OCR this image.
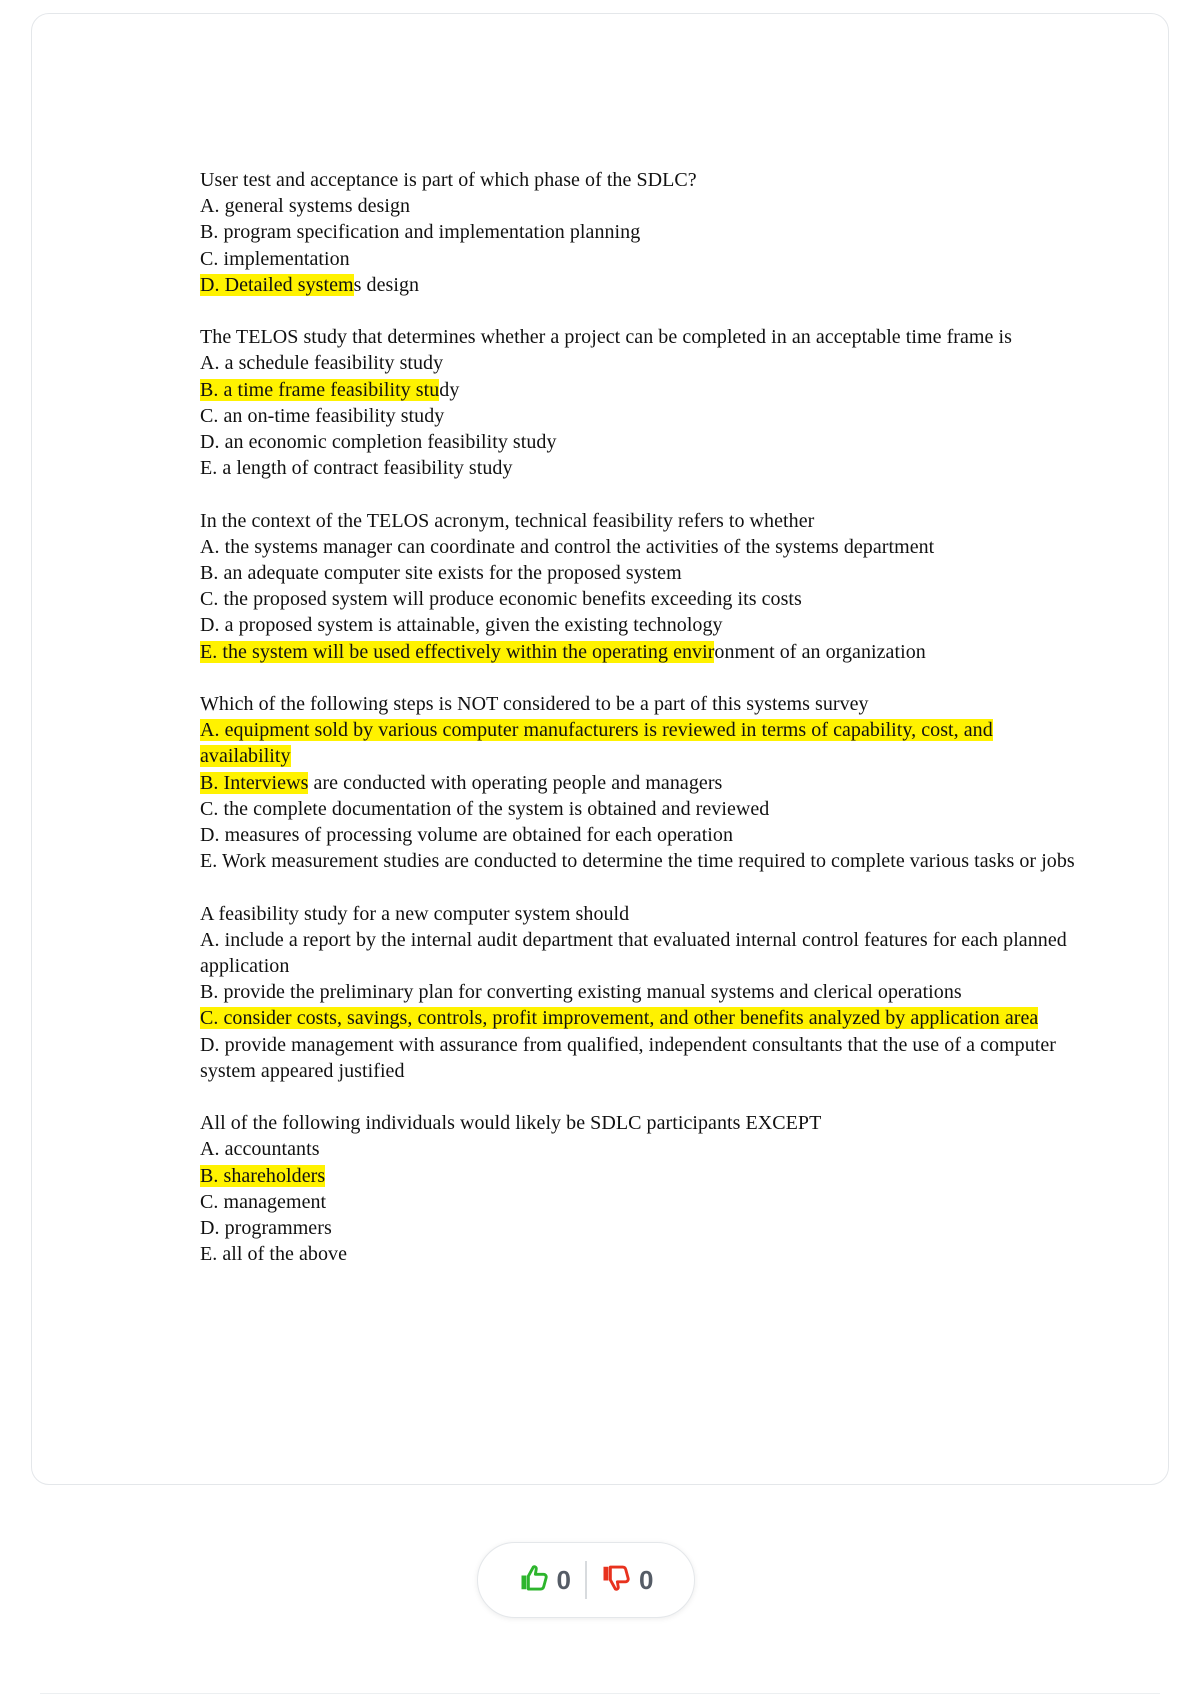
User test and acceptance is part of which phase of the SDLC?
A. general systems design
B. program specification and implementation planning
C. implementation
D. Detailed systems design
The TELOS study that determines whether a project can be completed in an acceptable time frame is
A. a schedule feasibility study
B. a time frame feasibility study
C. an on-time feasibility study
D. an economic completion feasibility study
E. a length of contract feasibility study
In the context of the TELOS acronym, technical feasibility refers to whether
A. the systems manager can coordinate and control the activities of the systems department
B. an adequate computer site exists for the proposed system
C. the proposed system will produce economic benefits exceeding its costs
D. a proposed system is attainable, given the existing technology
E. the system will be used effectively within the operating environment of an organization
Which of the following steps is NOT considered to be a part of this systems survey
A. equipment sold by various computer manufacturers is reviewed in terms of capability, cost, and availability
B. Interviews are conducted with operating people and managers
C. the complete documentation of the system is obtained and reviewed
D. measures of processing volume are obtained for each operation
E. Work measurement studies are conducted to determine the time required to complete various tasks or jobs
A feasibility study for a new computer system should
A. include a report by the internal audit department that evaluated internal control features for each planned application
B. provide the preliminary plan for converting existing manual systems and clerical operations
C. consider costs, savings, controls, profit improvement, and other benefits analyzed by application area
D. provide management with assurance from qualified, independent consultants that the use of a computer system appeared justified
All of the following individuals would likely be SDLC participants EXCEPT
A. accountants
B. shareholders
C. management
D. programmers
E. all of the above
0	0
